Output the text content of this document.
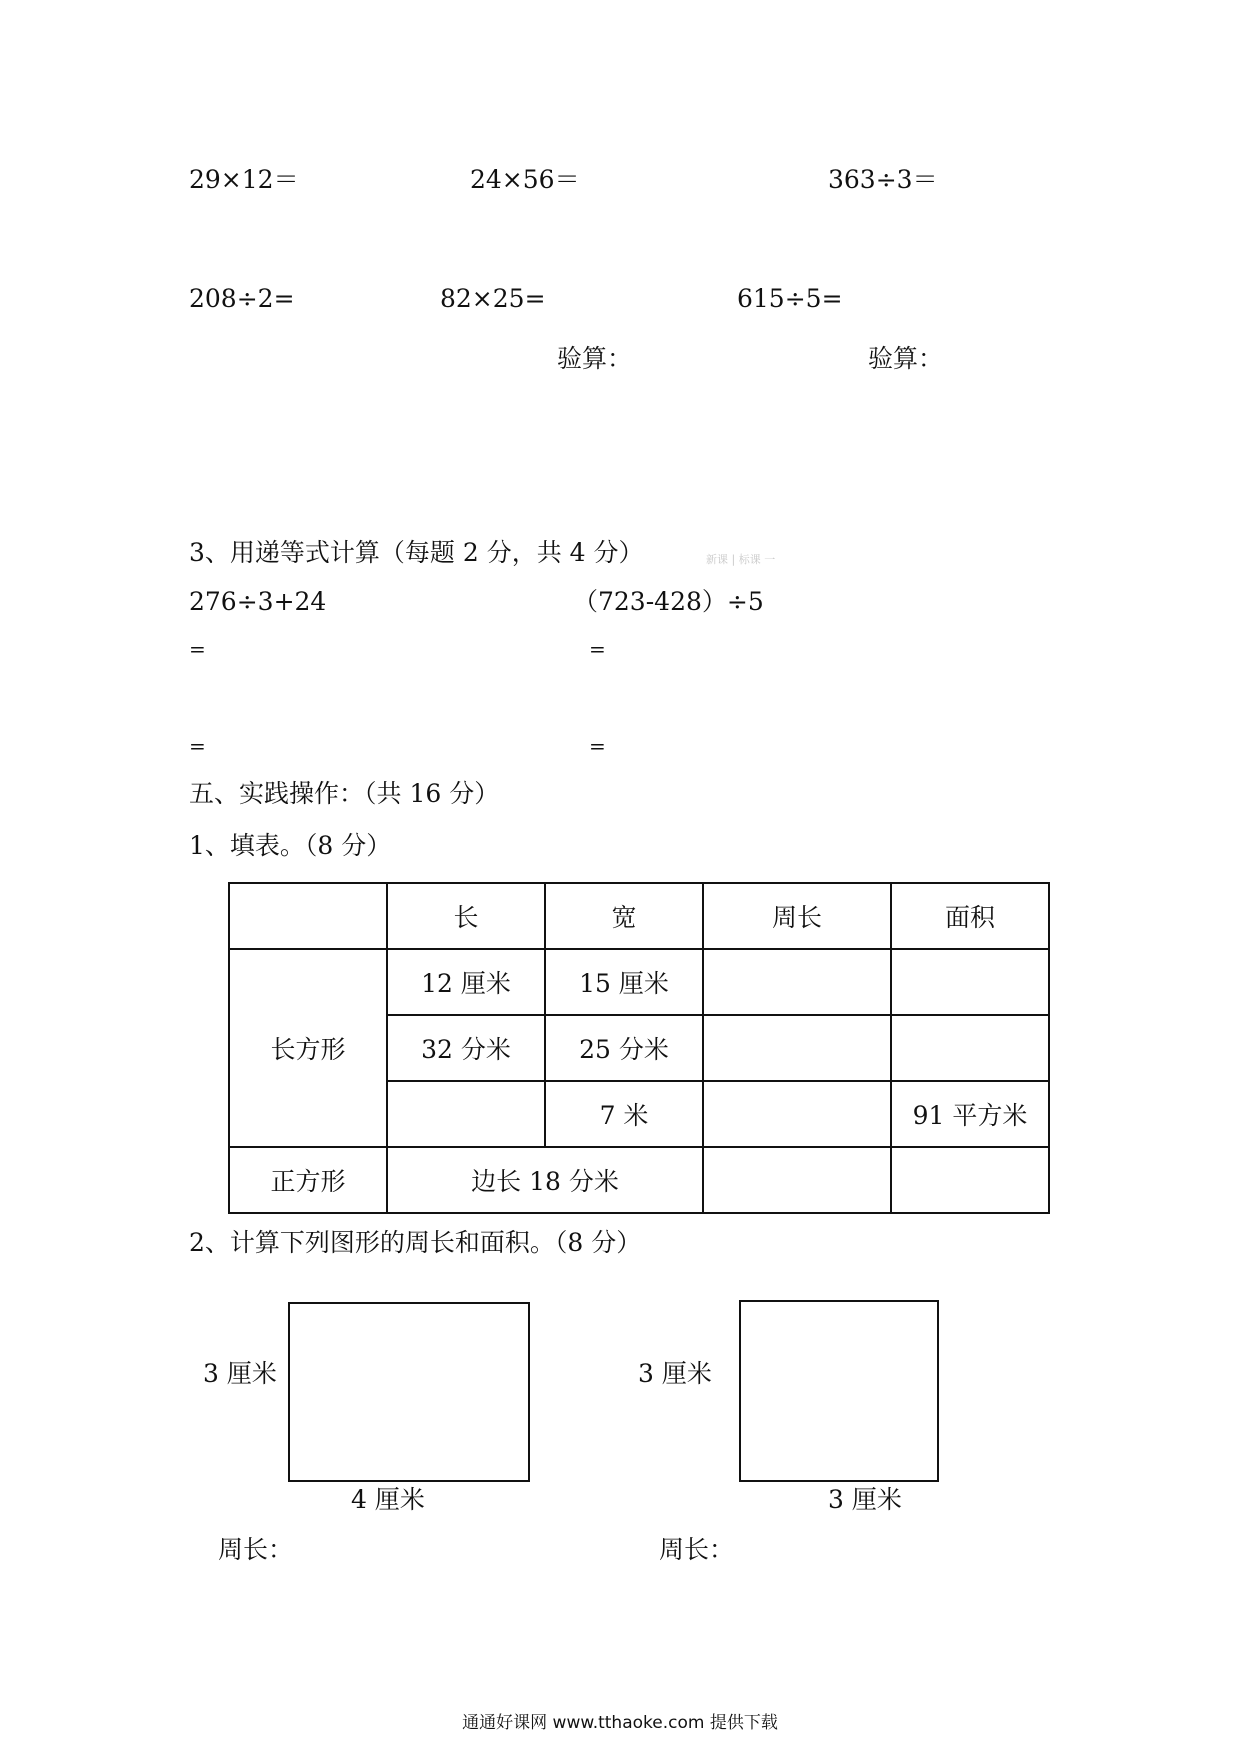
29×12＝	24×56＝	363÷3＝
208÷2=	82×25=	615÷5=
验算：	验算：
3、用递等式计算（每题 2 分，共 4 分）	新课 | 标课 一
276÷3+24	（723-428）÷5
=	=
=	=
五、实践操作：（共 16 分）
1、填表。（8 分）
	长	宽	周长	面积
长方形	12 厘米	15 厘米		
	32 分米	25 分米		
		7 米		91 平方米
正方形	边长 18 分米			
2、计算下列图形的周长和面积。（8 分）
3 厘米
4 厘米
周长：
3 厘米
3 厘米
周长：
通通好课网 www.tthaoke.com 提供下载
